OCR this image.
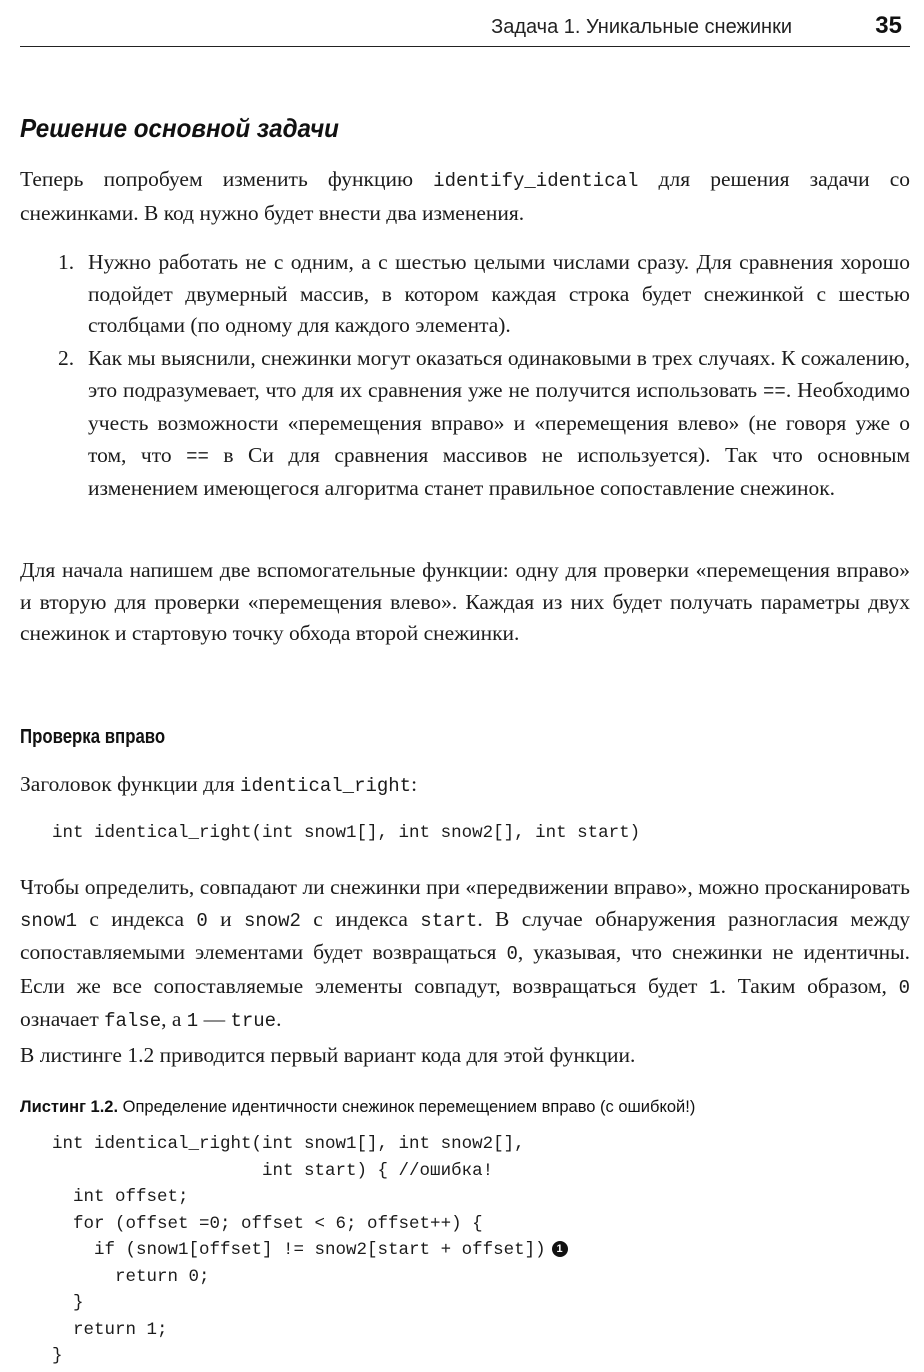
Задача 1. Уникальные снежинки	35
Решение основной задачи

Теперь попробуем изменить функцию identify_identical для решения задачи со снежинками. В код нужно будет внести два изменения.

1. Нужно работать не с одним, а с шестью целыми числами сразу. Для сравнения хорошо подойдет двумерный массив, в котором каждая строка будет снежинкой с шестью столбцами (по одному для каждого элемента).

2. Как мы выяснили, снежинки могут оказаться одинаковыми в трех случаях. К сожалению, это подразумевает, что для их сравнения уже не получится использовать ==. Необходимо учесть возможности «перемещения вправо» и «перемещения влево» (не говоря уже о том, что == в Си для сравнения массивов не используется). Так что основным изменением имеющегося алгоритма станет правильное сопоставление снежинок.

Для начала напишем две вспомогательные функции: одну для проверки «перемещения вправо» и вторую для проверки «перемещения влево». Каждая из них будет получать параметры двух снежинок и стартовую точку обхода второй снежинки.

Проверка вправо

Заголовок функции для identical_right:

int identical_right(int snow1[], int snow2[], int start)

Чтобы определить, совпадают ли снежинки при «передвижении вправо», можно просканировать snow1 с индекса 0 и snow2 с индекса start. В случае обнаружения разногласия между сопоставляемыми элементами будет возвращаться 0, указывая, что снежинки не идентичны. Если же все сопоставляемые элементы совпадут, возвращаться будет 1. Таким образом, 0 означает false, а 1 — true.

В листинге 1.2 приводится первый вариант кода для этой функции.

Листинг 1.2. Определение идентичности снежинок перемещением вправо (с ошибкой!)
int identical_right(int snow1[], int snow2[],
int start) { //ошибка!
int offset;
for (offset =0; offset < 6; offset++) {
if (snow1[offset] != snow2[start + offset]) 1
return 0;
}
return 1;
}
